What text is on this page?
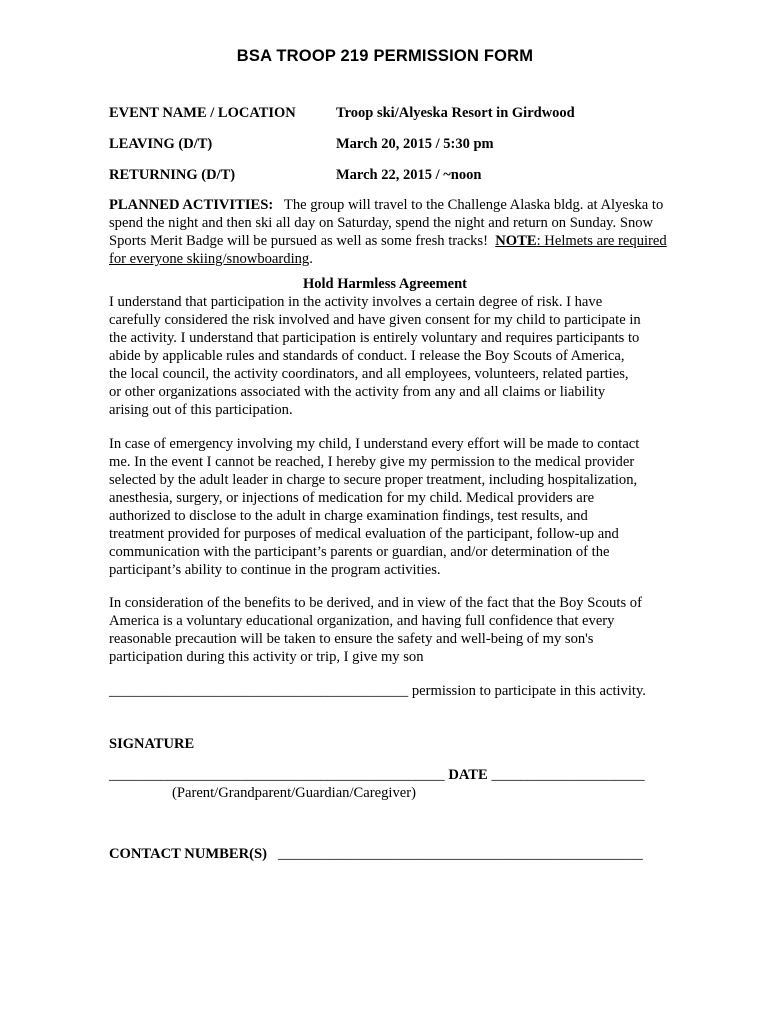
BSA TROOP 219 PERMISSION FORM
EVENT NAME / LOCATION	Troop ski/Alyeska Resort in Girdwood
LEAVING (D/T)	March 20, 2015 / 5:30 pm
RETURNING (D/T)	March 22, 2015 / ~noon
PLANNED ACTIVITIES: The group will travel to the Challenge Alaska bldg. at Alyeska to
spend the night and then ski all day on Saturday, spend the night and return on Sunday. Snow
Sports Merit Badge will be pursued as well as some fresh tracks! NOTE: Helmets are required
for everyone skiing/snowboarding.
Hold Harmless Agreement
I understand that participation in the activity involves a certain degree of risk. I have
carefully considered the risk involved and have given consent for my child to participate in
the activity. I understand that participation is entirely voluntary and requires participants to
abide by applicable rules and standards of conduct. I release the Boy Scouts of America,
the local council, the activity coordinators, and all employees, volunteers, related parties,
or other organizations associated with the activity from any and all claims or liability
arising out of this participation.
In case of emergency involving my child, I understand every effort will be made to contact
me. In the event I cannot be reached, I hereby give my permission to the medical provider
selected by the adult leader in charge to secure proper treatment, including hospitalization,
anesthesia, surgery, or injections of medication for my child. Medical providers are
authorized to disclose to the adult in charge examination findings, test results, and
treatment provided for purposes of medical evaluation of the participant, follow-up and
communication with the participant’s parents or guardian, and/or determination of the
participant’s ability to continue in the program activities.
In consideration of the benefits to be derived, and in view of the fact that the Boy Scouts of
America is a voluntary educational organization, and having full confidence that every
reasonable precaution will be taken to ensure the safety and well-being of my son's
participation during this activity or trip, I give my son
_________________________________________ permission to participate in this activity.
SIGNATURE
______________________________________________ DATE _____________________
(Parent/Grandparent/Guardian/Caregiver)
CONTACT NUMBER(S) __________________________________________________
